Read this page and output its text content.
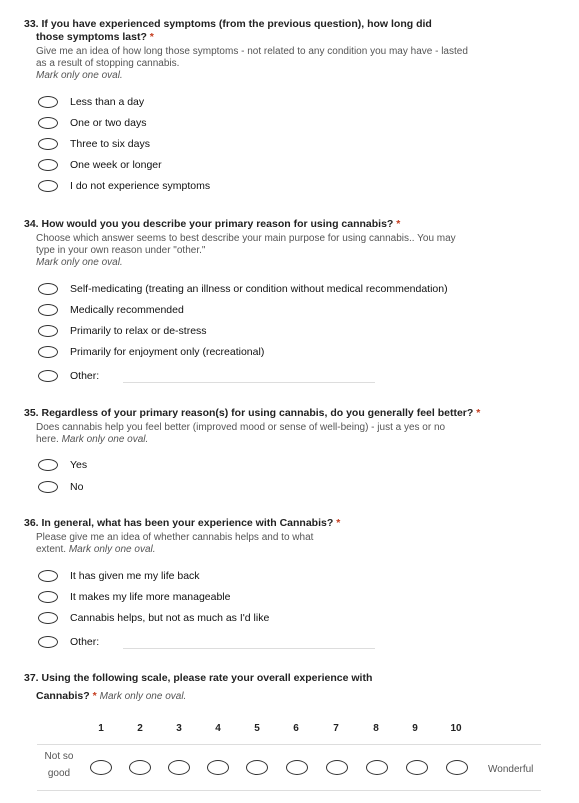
33. If you have experienced symptoms (from the previous question), how long did
those symptoms last? *
Give me an idea of how long those symptoms - not related to any condition you may have - lasted
as a result of stopping cannabis.
Mark only one oval.
Less than a day
One or two days
Three to six days
One week or longer
I do not experience symptoms
34. How would you you describe your primary reason for using cannabis? *
Choose which answer seems to best describe your main purpose for using cannabis.. You may
type in your own reason under "other."
Mark only one oval.
Self-medicating (treating an illness or condition without medical recommendation)
Medically recommended
Primarily to relax or de-stress
Primarily for enjoyment only (recreational)
Other:
35. Regardless of your primary reason(s) for using cannabis, do you generally feel better? *
Does cannabis help you feel better (improved mood or sense of well-being) - just a yes or no
here. Mark only one oval.
Yes
No
36. In general, what has been your experience with Cannabis? *
Please give me an idea of whether cannabis helps and to what
extent. Mark only one oval.
It has given me my life back
It makes my life more manageable
Cannabis helps, but not as much as I'd like
Other:
37. Using the following scale, please rate your overall experience with
Cannabis? * Mark only one oval.
1	2	3	4	5	6	7	8	9	10
Not so
good	Wonderful
